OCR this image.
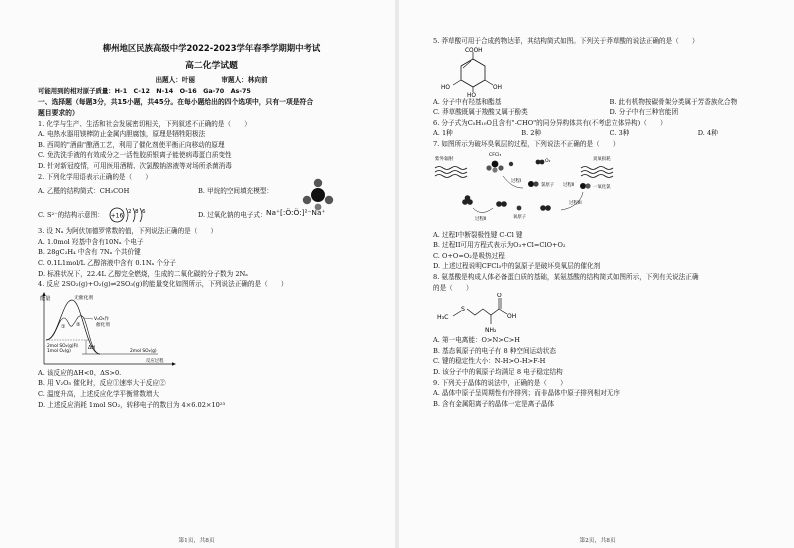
柳州地区民族高级中学2022-2023学年春季学期期中考试
高二化学试题
出题人：叶丽　　　　审题人：林向前
可能用到的相对原子质量：H-1　C-12　N-14　O-16　Ga-70　As-75
一、选择题（每题3分，共15小题，共45分。在每小题给出的四个选项中，只有一项是符合
题目要求的）
1. 化学与生产、生活和社会发展密切相关，下列叙述不正确的是（　　）
A. 电热水器用镁棒防止金属内胆腐蚀，原理是牺牲阳极法
B. 西周的"酒曲"酿酒工艺，利用了催化剂使平衡正向移动的原理
C. 免洗洗手液的有效成分之一活性胶质银离子能使病毒蛋白质变性
D. 针对新冠疫情，可用医用酒精、次氯酸钠溶液等对场所杀菌消毒
2. 下列化学用语表示正确的是（　　）
A. 乙醛的结构简式：CH₃COH	B. 甲烷的空间填充模型：
C. S²⁻的结构示意图： +16
2 8 6	D. 过氧化钠的电子式： Na⁺[:Ö:Ö:]²⁻Na⁺
3. 设 Nₐ 为阿伏加德罗常数的值，下列说法正确的是（　　）
A. 1.0mol 羟基中含有10Nₐ 个电子
B. 28gC₂H₄ 中含有 7Nₐ 个共价键
C. 0.1L1mol/L 乙醇溶液中含有 0.1Nₐ 个分子
D. 标准状况下，22.4L 乙醇完全燃烧，生成的二氧化碳的分子数为 2Nₐ
4. 反应 2SO₂(g)+O₂(g)⇌2SO₃(g)的能量变化如图所示，下列说法正确的是（　　）
能量	无催化剂
V₂O₅作
催化剂
① ②
ΔH
2mol SO₂(g)和
1mol O₂(g)	2mol SO₃(g)
反应过程
A. 该反应的ΔH<0、ΔS>0.
B. 用 V₂O₅ 催化时，反应①速率大于反应②
C. 温度升高，上述反应化学平衡常数增大
D. 上述反应消耗 1mol SO₂，转移电子的数目为 4×6.02×10²³
第1页，共8页
5. 莽草酸可用于合成药物达菲，其结构简式如图。下列关于莽草酸的说法正确的是（　　）
COOH
OH
HO
HO
A. 分子中有羟基和酯基	B. 此有机物按碳骨架分类属于芳香族化合物
C. 莽草酸既属于羧酸又属于酚类	D. 分子中有三种官能团
6. 分子式为C₅H₁₀O且含有"-CHO"的同分异构体共有(不考虑立体异构)（　　）
A. 1种	B. 2种	C. 3种	D. 4种
7. 如图所示为破坏臭氧层的过程，下列说法不正确的是（　　）
紫外辐射
CFCl₃
O₂	臭氧损耗
过程I
氯原子 过程II	一氧化氯
过程III
氧原子
过程II
A. 过程I中断裂极性键 C-Cl 键
B. 过程II可用方程式表示为O₃+Cl=ClO+O₂
C. O+O=O₂是吸热过程
D. 上述过程说明CFCl₃中的氯原子是破坏臭氧层的催化剂
8. 氨基酸是构成人体必备蛋白质的基础，某氨基酸的结构简式如图所示，下列有关说法正确
的是（　　）
H₃C
S
O
OH
NH₂
A. 第一电离能：O>N>C>H
B. 基态氧原子的电子有 8 种空间运动状态
C. 键的稳定性大小：N-H>O-H>F-H
D. 该分子中的氧原子均满足 8 电子稳定结构
9. 下列关于晶体的说法中，正确的是（　　）
A. 晶体中原子呈周期性有序排列；而非晶体中原子排列相对无序
B. 含有金属阳离子的晶体一定是离子晶体
第2页，共8页
